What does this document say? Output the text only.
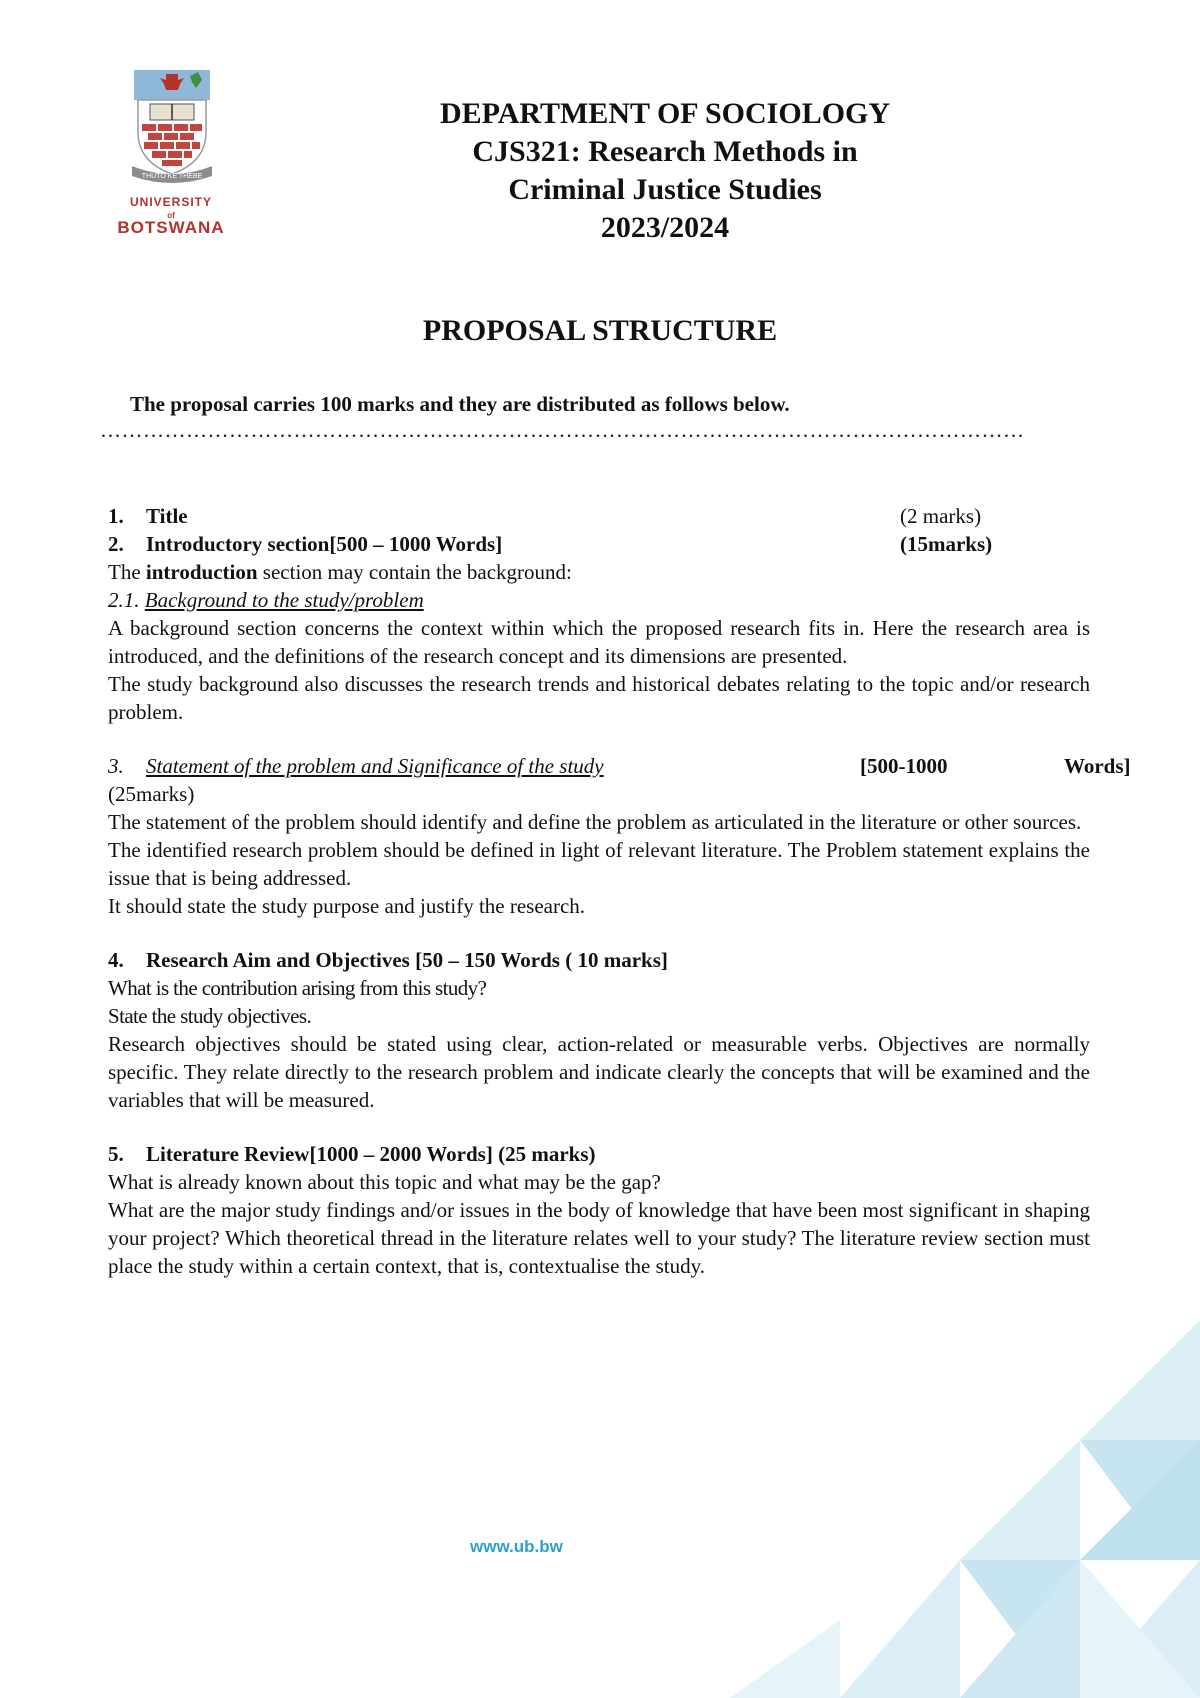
THUTO KE THEBE
UNIVERSITY
of
BOTSWANA
DEPARTMENT OF SOCIOLOGY
CJS321: Research Methods in
Criminal Justice Studies
2023/2024
PROPOSAL STRUCTURE
The proposal carries 100 marks and they are distributed as follows below.
…………………………………………………………………………………………………………………
1.	Title	(2 marks)
2.	Introductory section[500 – 1000 Words]	(15marks)

The introduction section may contain the background:

2.1. Background to the study/problem

A background section concerns the context within which the proposed research fits in. Here the research area is introduced, and the definitions of the research concept and its dimensions are presented.

The study background also discusses the research trends and historical debates relating to the topic and/or research problem.

3.	Statement of the problem and Significance of the study	[500-1000	Words]

(25marks)

The statement of the problem should identify and define the problem as articulated in the literature or other sources.

The identified research problem should be defined in light of relevant literature. The Problem statement explains the issue that is being addressed.

It should state the study purpose and justify the research.

4.	Research Aim and Objectives [50 – 150 Words ( 10 marks]

What is the contribution arising from this study?

State the study objectives.

Research objectives should be stated using clear, action-related or measurable verbs. Objectives are normally specific. They relate directly to the research problem and indicate clearly the concepts that will be examined and the variables that will be measured.

5.	Literature Review[1000 – 2000 Words] (25 marks)

What is already known about this topic and what may be the gap?

What are the major study findings and/or issues in the body of knowledge that have been most significant in shaping your project? Which theoretical thread in the literature relates well to your study? The literature review section must place the study within a certain context, that is, contextualise the study.

www.ub.bw
